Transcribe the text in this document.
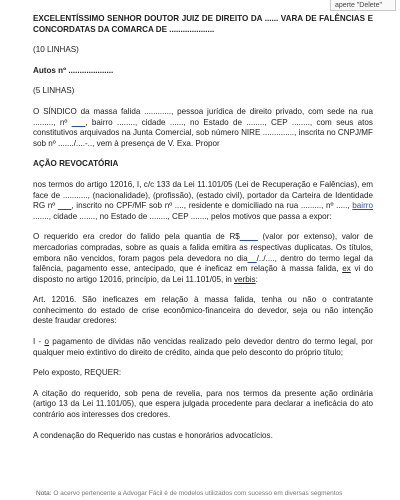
aperte "Delete"

EXCELENTÍSSIMO SENHOR DOUTOR JUIZ DE DIREITO DA ...... VARA DE FALÊNCIAS E CONCORDATAS DA COMARCA DE ....................

(10 LINHAS)

Autos nº ....................

(5 LINHAS)

O SÍNDICO da massa falida ............, pessoa jurídica de direito privado, com sede na rua ........., nº ___, bairro ........, cidade ......, no Estado de ........, CEP ........, com seus atos constitutivos arquivados na Junta Comercial, sob número NIRE .............., inscrita no CNPJ/MF sob nº ......./....-.., vem à presença de V. Exa. Propor

AÇÃO REVOCATÓRIA

nos termos do artigo 12016, I, c/c 133 da Lei 11.101/05 (Lei de Recuperação e Falências), em face de ..........., (nacionalidade), (profissão), (estado civil), portador da Carteira de Identidade RG nº ___, inscrito no CPF/MF sob nº ...., residente e domiciliado na rua ........., nº ....., bairro ......., cidade ......., no Estado de ........, CEP ......., pelos motivos que passa a expor:

O requerido era credor do falido pela quantia de R$____ (valor por extenso), valor de mercadorias compradas, sobre as quais a falida emitira as respectivas duplicatas. Os títulos, embora não vencidos, foram pagos pela devedora no dia__/../...., dentro do termo legal da falência, pagamento esse, antecipado, que é ineficaz em relação à massa falida, ex vi do disposto no artigo 12016, princípio, da Lei 11.101/05, in verbis:

Art. 12016. São ineficazes em relação à massa falida, tenha ou não o contratante conhecimento do estado de crise econômico-financeira do devedor, seja ou não intenção deste fraudar credores:

I - o pagamento de dívidas não vencidas realizado pelo devedor dentro do termo legal, por qualquer meio extintivo do direito de crédito, ainda que pelo desconto do próprio título;

Pelo exposto, REQUER:

A citação do requerido, sob pena de revelia, para nos termos da presente ação ordinária (artigo 13 da Lei 11.101/05), que espera julgada procedente para declarar a ineficácia do ato contrário aos interesses dos credores.

A condenação do Requerido nas custas e honorários advocatícios.

Nota: O acervo pertencente a Advogar Fácil é de modelos utilizados com sucesso em diversas segmentos
